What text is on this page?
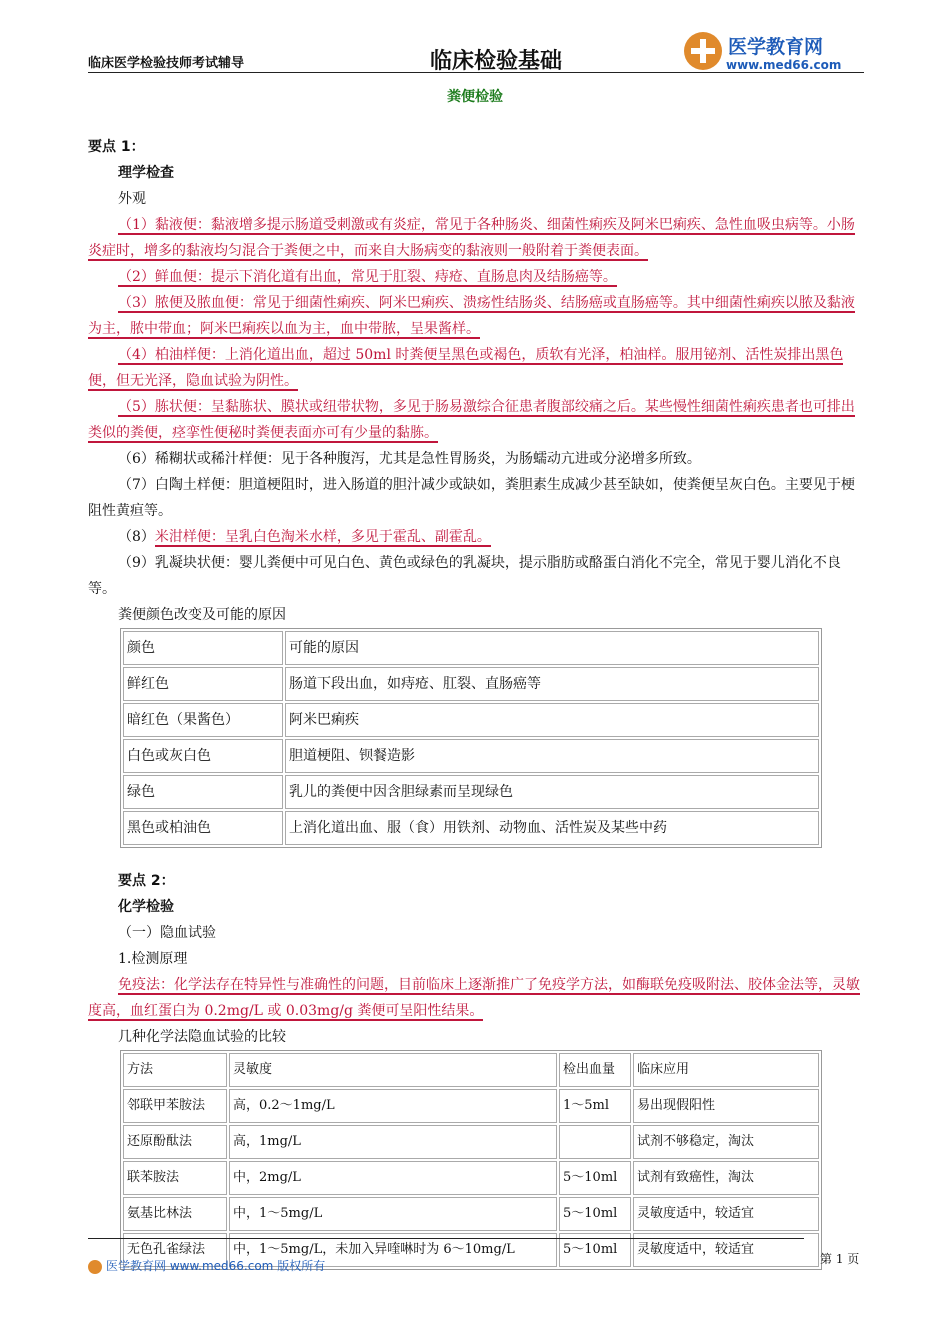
临床医学检验技师考试辅导	临床检验基础
医学教育网
www.med66.com
粪便检验

要点 1：

理学检查

外观

（1）黏液便：黏液增多提示肠道受刺激或有炎症，常见于各种肠炎、细菌性痢疾及阿米巴痢疾、急性血吸虫病等。小肠炎症时，增多的黏液均匀混合于粪便之中，而来自大肠病变的黏液则一般附着于粪便表面。

（2）鲜血便：提示下消化道有出血，常见于肛裂、痔疮、直肠息肉及结肠癌等。

（3）脓便及脓血便：常见于细菌性痢疾、阿米巴痢疾、溃疡性结肠炎、结肠癌或直肠癌等。其中细菌性痢疾以脓及黏液为主，脓中带血；阿米巴痢疾以血为主，血中带脓，呈果酱样。

（4）柏油样便：上消化道出血，超过 50ml 时粪便呈黑色或褐色，质软有光泽，柏油样。服用铋剂、活性炭排出黑色便，但无光泽，隐血试验为阴性。

（5）胨状便：呈黏胨状、膜状或纽带状物，多见于肠易激综合征患者腹部绞痛之后。某些慢性细菌性痢疾患者也可排出类似的粪便，痉挛性便秘时粪便表面亦可有少量的黏胨。

（6）稀糊状或稀汁样便：见于各种腹泻，尤其是急性胃肠炎，为肠蠕动亢进或分泌增多所致。

（7）白陶土样便：胆道梗阻时，进入肠道的胆汁减少或缺如，粪胆素生成减少甚至缺如，使粪便呈灰白色。主要见于梗阻性黄疸等。

（8）米泔样便：呈乳白色淘米水样，多见于霍乱、副霍乱。

（9）乳凝块状便：婴儿粪便中可见白色、黄色或绿色的乳凝块，提示脂肪或酪蛋白消化不完全，常见于婴儿消化不良等。

粪便颜色改变及可能的原因

颜色	可能的原因
鲜红色	肠道下段出血，如痔疮、肛裂、直肠癌等
暗红色（果酱色）	阿米巴痢疾
白色或灰白色	胆道梗阻、钡餐造影
绿色	乳儿的粪便中因含胆绿素而呈现绿色
黑色或柏油色	上消化道出血、服（食）用铁剂、动物血、活性炭及某些中药

要点 2：

化学检验

（一）隐血试验

1.检测原理

免疫法：化学法存在特异性与准确性的问题，目前临床上逐渐推广了免疫学方法，如酶联免疫吸附法、胶体金法等，灵敏度高，血红蛋白为 0.2mg/L 或 0.03mg/g 粪便可呈阳性结果。

几种化学法隐血试验的比较

方法	灵敏度	检出血量	临床应用
邻联甲苯胺法	高，0.2～1mg/L	1～5ml	易出现假阳性
还原酚酞法	高，1mg/L		试剂不够稳定，淘汰
联苯胺法	中，2mg/L	5～10ml	试剂有致癌性，淘汰
氨基比林法	中，1～5mg/L	5～10ml	灵敏度适中，较适宜
无色孔雀绿法	中，1～5mg/L，未加入异喹啉时为 6～10mg/L	5～10ml	灵敏度适中，较适宜
第 1 页
医学教育网 www.med66.com 版权所有
